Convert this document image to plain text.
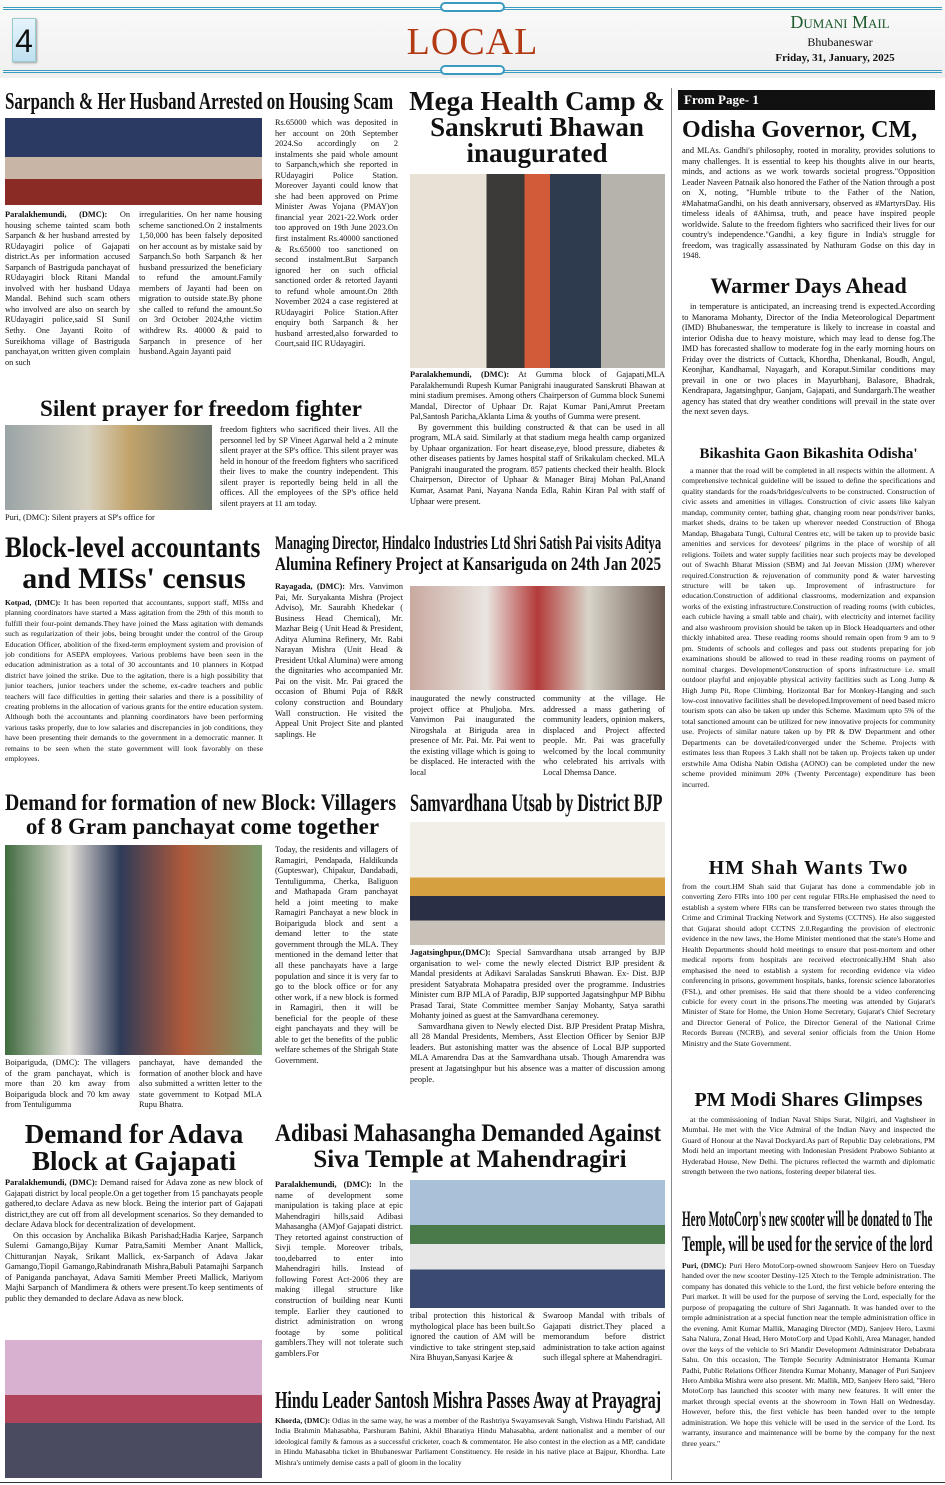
4	LOCAL	Dumani Mail
Bhubaneswar
Friday, 31, January, 2025
Sarpanch & Her Husband Arrested on Housing Scam
Paralakhemundi, (DMC): On housing scheme tainted scam both Sarpanch & her husband arrested by RUdayagiri police of Gajapati district.As per information accused Sarpanch of Bastriguda panchayat of RUdayagiri block Ritani Mandal involved with her husband Udaya Mandal. Behind such scam others who involved are also on search by RUdayagiri police,said SI Sunil Sethy. One Jayanti Roito of Sureikhoma village of Bastriguda panchayat,on written given complain on such
irregularities. On her name housing scheme sanctioned.On 2 instalments 1,50,000 has been falsely deposited on her account as by mistake said by Sarpanch.So both Sarpanch & her husband pressurized the beneficiary to refund the amount.Family members of Jayanti had been on migration to outside state.By phone she called to refund the amount.So on 3rd October 2024,the victim withdrew Rs. 40000 & paid to Sarpanch in presence of her husband.Again Jayanti paid
Rs.65000 which was deposited in her account on 20th September 2024.So accordingly on 2 instalments she paid whole amount to Sarpanch,which she reported in RUdayagiri Police Station. Moreover Jayanti could know that she had been approved on Prime Minister Awas Yojana (PMAY)on financial year 2021-22.Work order too approved on 19th June 2023.On first instalment Rs.40000 sanctioned & Rs.65000 too sanctioned on second instalment.But Sarpanch ignored her on such official sanctioned order & retorted Jayanti to refund whole amount.On 28th November 2024 a case registered at RUdayagiri Police Station.After enquiry both Sarpanch & her husband arrested,also forwarded to Court,said IIC RUdayagiri.
Silent prayer for freedom fighter
Puri, (DMC): Silent prayers at SP's office for
freedom fighters who sacrificed their lives. All the personnel led by SP Vineet Agarwal held a 2 minute silent prayer at the SP's office. This silent prayer was held in honour of the freedom fighters who sacrificed their lives to make the country independent. This silent prayer is reportedly being held in all the offices. All the employees of the SP's office held silent prayers at 11 am today.
Mega Health Camp &
Sanskruti Bhawan
inaugurated

Paralakhemundi, (DMC): At Gumma block of Gajapati,MLA Paralakhemundi Rupesh Kumar Panigrahi inaugurated Sanskruti Bhawan at mini stadium premises. Among others Chairperson of Gumma block Sunemi Mandal, Director of Uphaar Dr. Rajat Kumar Pani,Amrut Preetam Pal,Santosh Paricha,Aklanta Lima & youths of Gumma were present.

By government this building constructed & that can be used in all program, MLA said. Similarly at that stadium mega health camp organized by Uphaar organization. For heart disease,eye, blood pressure, diabetes & other diseases patients by James hospital staff of Srikakulam checked. MLA Panigrahi inaugurated the program. 857 patients checked their health. Block Chairperson, Director of Uphaar & Manager Biraj Mohan Pal,Anand Kumar, Asamat Pani, Nayana Nanda Edla, Rahin Kiran Pal with staff of Uphaar were present.

Block-level accountants
and MISs' census
Kotpad, (DMC): It has been reported that accountants, support staff, MISs and planning coordinators have started a Mass agitation from the 29th of this month to fulfill their four-point demands.They have joined the Mass agitation with demands such as regularization of their jobs, being brought under the control of the Group Education Officer, abolition of the fixed-term employment system and provision of job conditions for ASEPA employees. Various problems have been seen in the education administration as a total of 30 accountants and 10 planners in Kotpad district have joined the strike. Due to the agitation, there is a high possibility that junior teachers, junior teachers under the scheme, ex-cadre teachers and public teachers will face difficulties in getting their salaries and there is a possibility of creating problems in the allocation of various grants for the entire education system. Although both the accountants and planning coordinators have been performing various tasks properly, due to low salaries and discrepancies in job conditions, they have been presenting their demands to the government in a democratic manner. It remains to be seen when the state government will look favorably on these employees.
Managing Director, Hindalco Industries Ltd Shri Satish Pai visits Aditya
Alumina Refinery Project at Kansariguda on 24th Jan 2025
Rayagada, (DMC): Mrs. Vanvimon Pai, Mr. Suryakanta Mishra (Project Adviso), Mr. Saurabh Khedekar ( Business Head Chemical), Mr. Mazhar Beig ( Unit Head & President, Aditya Alumina Refinery, Mr. Rabi Narayan Mishra (Unit Head & President Utkal Alumina) were among the dignitaries who accompanied Mr. Pai on the visit. Mr. Pai graced the occasion of Bhumi Puja of R&R colony construction and Boundary Wall construction. He visited the Appeal Unit Project Site and planted saplings. He
inaugurated the newly constructed project office at Phuljoba. Mrs. Vanvimon Pai inaugurated the Nirogshala at Biriguda area in presence of Mr. Pai. Mr. Pai went to the existing village which is going to be displaced. He interacted with the local
community at the village. He addressed a mass gathering of community leaders, opinion makers, displaced and Project affected people. Mr. Pai was gracefully welcomed by the local community who celebrated his arrivals with Local Dhemsa Dance.
Demand for formation of new Block: Villagers
of 8 Gram panchayat come together
Boipariguda, (DMC): The villagers of the gram panchayat, which is more than 20 km away from Boipariguda block and 70 km away from Tentuligumma
panchayat, have demanded the formation of another block and have also submitted a written letter to the state government to Kotpad MLA Rupu Bhatra.
Today, the residents and villagers of Ramagiri, Pendapada, Haldikunda (Gupteswar), Chipakur, Dandabadi, Tentuligumma, Cherka, Baliguon and Mathapada Gram panchayat held a joint meeting to make Ramagiri Panchayat a new block in Boipariguda block and sent a demand letter to the state government through the MLA. They mentioned in the demand letter that all these panchayats have a large population and since it is very far to go to the block office or for any other work, if a new block is formed in Ramagiri, then it will be beneficial for the people of these eight panchayats and they will be able to get the benefits of the public welfare schemes of the Shrigah State Government.
Samvardhana Utsab by District BJP

Jagatsinghpur,(DMC): Special Samvardhana utsab arranged by BJP organisation to wel- come the newly elected District BJP president & Mandal presidents at Adikavi Saraladas Sanskruti Bhawan. Ex- Dist. BJP president Satyabrata Mohapatra presided over the programme. Industries Minister cum BJP MLA of Paradip, BJP supported Jagatsinghpur MP Bibhu Prasad Tarai, State Committee member Sanjay Mohanty, Satya sarathi Mohanty joined as guest at the Samvardhana ceremoney.

Samvardhana given to Newly elected Dist. BJP President Pratap Mishra, all 28 Mandal Presidents, Members, Asst Election Officer by Senior BJP leaders. But astonishing matter was the absence of Local BJP supported MLA Amarendra Das at the Samvardhana utsab. Though Amarendra was present at Jagatsinghpur but his absence was a matter of discussion among people.

Demand for Adava
Block at Gajapati

Paralakhemundi, (DMC): Demand raised for Adava zone as new block of Gajapati district by local people.On a get together from 15 panchayats people gathered,to declare Adava as new block. Being the interior part of Gajapati district,they are cut off from all development scenarios. So they demanded to declare Adava block for decentralization of development.

On this occasion by Anchalika Bikash Parishad;Hadia Karjee, Sarpanch Sulemi Gamango,Bijay Kumar Patra,Samiti Member Anant Mallick, Chitturanjan Nayak, Srikant Mallick, ex-Sarpanch of Adava Jakar Gamango,Tiopil Gamango,Rabindranath Mishra,Babuli Patamajhi Sarpanch of Paniganda panchayat, Adava Samiti Member Preeti Mallick, Mariyom Majhi Sarpanch of Mandimera & others were present.To keep sentiments of public they demanded to declare Adava as new block.

Adibasi Mahasangha Demanded Against
Siva Temple at Mahendragiri
Paralakhemundi, (DMC): In the name of development some manipulation is taking place at epic Mahendragiri hills,said Adibasi Mahasangha (AM)of Gajapati district. They retorted against construction of Sivji temple. Moreover tribals, too,debarred to enter into Mahendragiri hills. Instead of following Forest Act-2006 they are making illegal structure like construction of building near Kunti temple. Earlier they cautioned to district administration on wrong footage by some political gamblers.They will not tolerate such gamblers.For
tribal protection this historical & mythological place has been built.So ignored the caution of AM will be vindictive to take stringent step,said Nira Bhuyan,Sanyasi Karjee &
Swaroop Mandal with tribals of Gajapati district.They placed a memorandum before district administration to take action against such illegal sphere at Mahendragiri.
Hindu Leader Santosh Mishra Passes Away at Prayagraj
Khorda, (DMC): Odias in the same way, he was a member of the Rashtriya Swayamsevak Sangh, Vishwa Hindu Parishad, All India Brahmin Mahasabha, Parshuram Bahini, Akhil Bharatiya Hindu Mahasabha, ardent nationalist and a member of our ideological family & famous as a successful cricketer, coach & commentator. He also contest in the election as a MP, candidate in Hindu Mahasabha ticket in Bhubaneswar Parliament Constituency. He reside in his native place at Bajpur, Khordha. Late Mishra's untimely demise casts a pall of gloom in the locality
From Page- 1
Odisha Governor, CM,
and MLAs. Gandhi's philosophy, rooted in morality, provides solutions to many challenges. It is essential to keep his thoughts alive in our hearts, minds, and actions as we work towards societal progress."Opposition Leader Naveen Patnaik also honored the Father of the Nation through a post on X, noting, "Humble tribute to the Father of the Nation, #MahatmaGandhi, on his death anniversary, observed as #MartyrsDay. His timeless ideals of #Ahimsa, truth, and peace have inspired people worldwide. Salute to the freedom fighters who sacrificed their lives for our country's independence."Gandhi, a key figure in India's struggle for freedom, was tragically assassinated by Nathuram Godse on this day in 1948.
Warmer Days Ahead

in temperature is anticipated, an increasing trend is expected.According to Manorama Mohanty, Director of the India Meteorological Department (IMD) Bhubaneswar, the temperature is likely to increase in coastal and interior Odisha due to heavy moisture, which may lead to dense fog.The IMD has forecasted shallow to moderate fog in the early morning hours on Friday over the districts of Cuttack, Khordha, Dhenkanal, Boudh, Angul, Keonjhar, Kandhamal, Nayagarh, and Koraput.Similar conditions may prevail in one or two places in Mayurbhanj, Balasore, Bhadrak, Kendrapara, Jagatsinghpur, Ganjam, Gajapati, and Sundargarh.The weather agency has stated that dry weather conditions will prevail in the state over the next seven days.

Bikashita Gaon Bikashita Odisha'

a manner that the road will be completed in all respects within the allotment. A comprehensive technical guideline will be issued to define the specifications and quality standards for the roads/bridges/culverts to be constructed. Construction of civic assets and amenities in villages. Construction of civic assets like kalyan mandap, community center, bathing ghat, changing room near ponds/river banks, market sheds, drains to be taken up wherever needed Construction of Bhoga Mandap, Bhagabata Tungi, Cultural Centres etc, will be taken up to provide basic amenities and services for devotees/ pilgrims in the place of worship of all religions. Toilets and water supply facilities near such projects may be developed out of Swachh Bharat Mission (SBM) and Jal Jeevan Mission (JJM) wherever required.Construction & rejuvenation of community pond & water harvesting structure will be taken up. Improvement of infrastructure for education.Construction of additional classrooms, modernization and expansion works of the existing infrastructure.Construction of reading rooms (with cubicles, each cubicle having a small table and chair), with electricity and internet facility and also washroom provision should be taken up in Block Headquarters and other thickly inhabited area. These reading rooms should remain open from 9 am to 9 pm. Students of schools and colleges and pass out students preparing for job examinations should be allowed to read in these reading rooms on payment of nominal charges. Development/Construction of sports infrastructure i.e. small outdoor playful and enjoyable physical activity facilities such as Long Jump & High Jump Pit, Rope Climbing, Horizontal Bar for Monkey-Hanging and such low-cost innovative facilities shall be developed.Improvement of need based micro tourism spots can also be taken up under this Scheme. Maximum upto 5% of the total sanctioned amount can be utilized for new innovative projects for community use. Projects of similar nature taken up by PR & DW Department and other Departments can be dovetailed/converged under the Scheme. Projects with estimates less than Rupees 3 Lakh shall not be taken up. Projects taken up under erstwhile Ama Odisha Nabin Odisha (AONO) can be completed under the new scheme provided minimum 20% (Twenty Percentage) expenditure has been incurred.

HM Shah Wants Two
from the court.HM Shah said that Gujarat has done a commendable job in converting Zero FIRs into 100 per cent regular FIRs.He emphasised the need to establish a system where FIRs can be transferred between two states through the Crime and Criminal Tracking Network and Systems (CCTNS). He also suggested that Gujarat should adopt CCTNS 2.0.Regarding the provision of electronic evidence in the new laws, the Home Minister mentioned that the state's Home and Health Departments should hold meetings to ensure that post-mortem and other medical reports from hospitals are received electronically.HM Shah also emphasised the need to establish a system for recording evidence via video conferencing in prisons, government hospitals, banks, forensic science laboratories (FSL), and other premises. He said that there should be a video conferencing cubicle for every court in the prisons.The meeting was attended by Gujarat's Minister of State for Home, the Union Home Secretary, Gujarat's Chief Secretary and Director General of Police, the Director General of the National Crime Records Bureau (NCRB), and several senior officials from the Union Home Ministry and the State Government.
PM Modi Shares Glimpses

at the commissioning of Indian Naval Ships Surat, Nilgiri, and Vaghsheer in Mumbai. He met with the Vice Admiral of the Indian Navy and inspected the Guard of Honour at the Naval Dockyard.As part of Republic Day celebrations, PM Modi held an important meeting with Indonesian President Prabowo Subianto at Hyderabad House, New Delhi. The pictures reflected the warmth and diplomatic strength between the two nations, fostering deeper bilateral ties.

Hero MotoCorp's new scooter will be donated to The
Temple, will be used for the service of the lord
Puri, (DMC): Puri Hero MotoCorp-owned showroom Sanjeev Hero on Tuesday handed over the new scooter Destiny-125 Xtech to the Temple administration. The company has donated this vehicle to the Lord, the first vehicle before entering the Puri market. It will be used for the purpose of serving the Lord, especially for the purpose of propagating the culture of Shri Jagannath. It was handed over to the temple administration at a special function near the temple administration office in the evening. Amit Kumar Mallik, Managing Director (MD), Sanjeev Hero, Laxmi Saha Nalura, Zonal Head, Hero MotoCorp and Upad Kohli, Area Manager, handed over the keys of the vehicle to Sri Mandir Development Administrator Debabrata Sahu. On this occasion, The Temple Security Administrator Hemanta Kumar Padhi, Public Relations Officer Jitendra Kumar Mohanty, Manager of Puri Sanjeev Hero Ambika Mishra were also present. Mr. Mallik, MD, Sanjeev Hero said, "Hero MotoCorp has launched this scooter with many new features. It will enter the market through special events at the showroom in Town Hall on Wednesday. However, before this, the first vehicle has been handed over to the temple administration. We hope this vehicle will be used in the service of the Lord. Its warranty, insurance and maintenance will be borne by the company for the next three years."
